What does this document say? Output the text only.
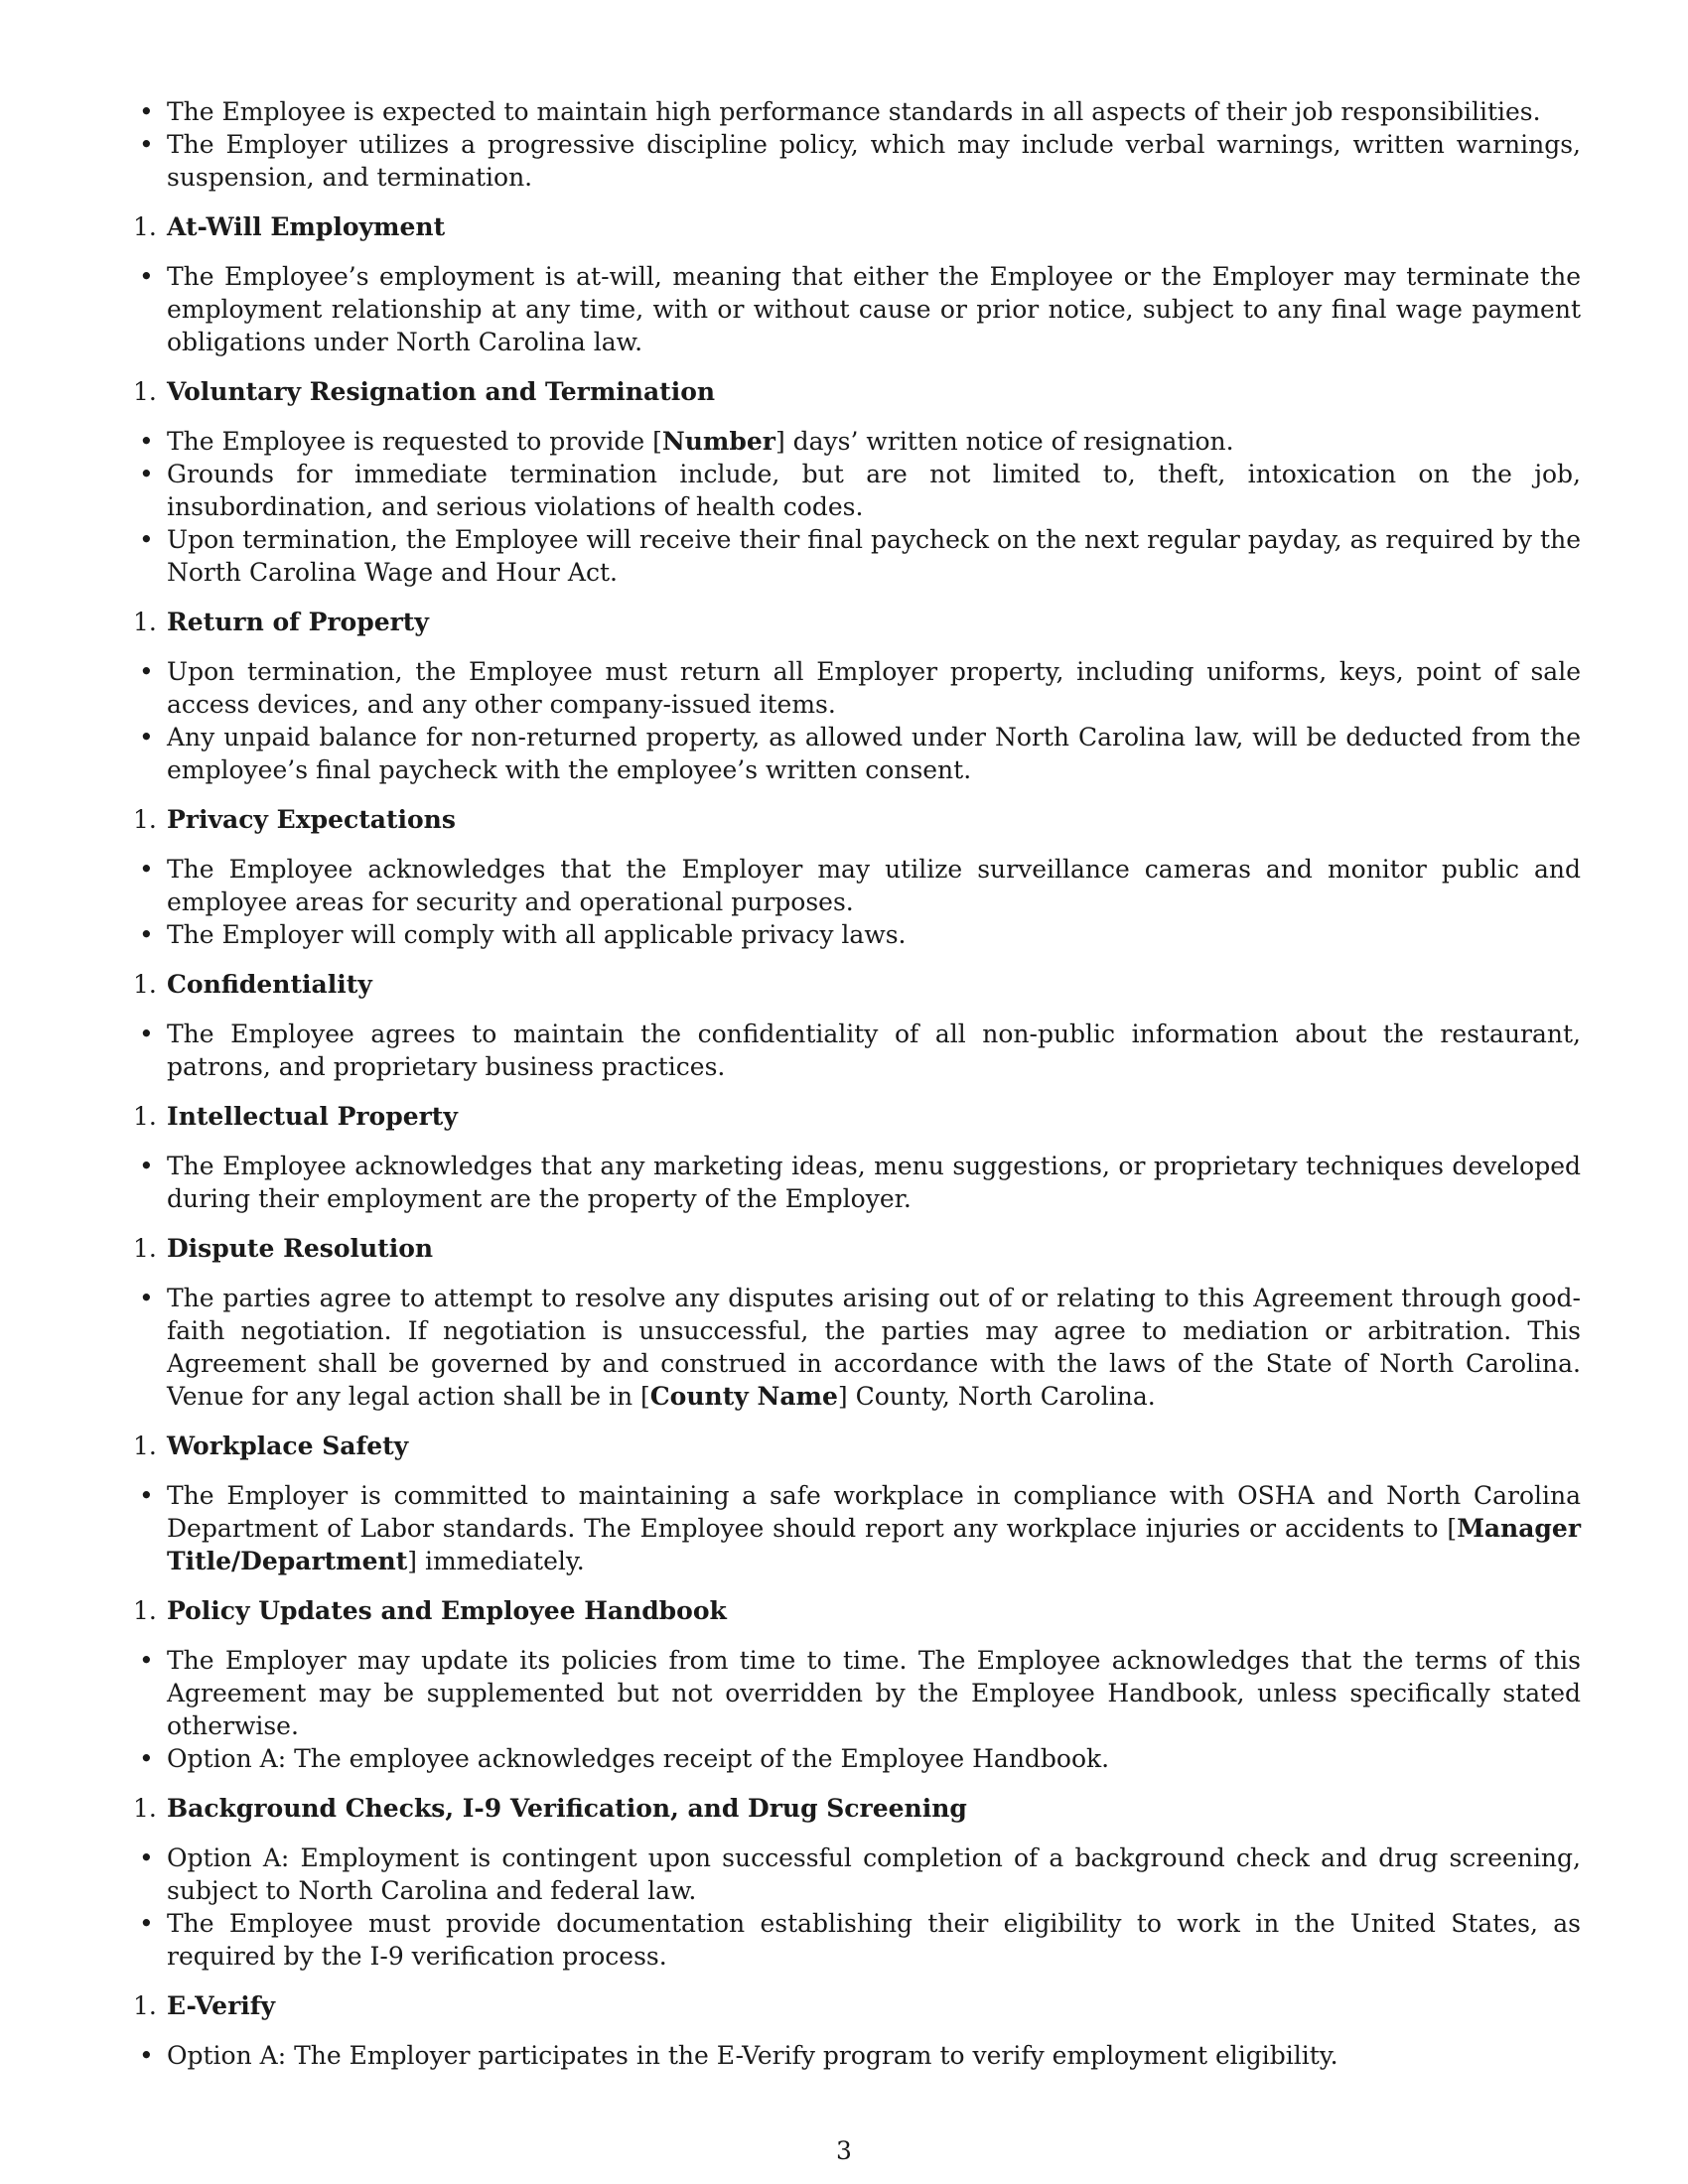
• The Employee is expected to maintain high performance standards in all aspects of their job responsibilities.
• The Employer utilizes a progressive discipline policy, which may include verbal warnings, written warnings, suspension, and termination.
1. At-Will Employment
• The Employee’s employment is at-will, meaning that either the Employee or the Employer may terminate the employment relationship at any time, with or without cause or prior notice, subject to any final wage payment obligations under North Carolina law.
1. Voluntary Resignation and Termination
• The Employee is requested to provide [Number] days’ written notice of resignation.
• Grounds for immediate termination include, but are not limited to, theft, intoxication on the job, insubordination, and serious violations of health codes.
• Upon termination, the Employee will receive their final paycheck on the next regular payday, as required by the North Carolina Wage and Hour Act.
1. Return of Property
• Upon termination, the Employee must return all Employer property, including uniforms, keys, point of sale access devices, and any other company-issued items.
• Any unpaid balance for non-returned property, as allowed under North Carolina law, will be deducted from the employee’s final paycheck with the employee’s written consent.
1. Privacy Expectations
• The Employee acknowledges that the Employer may utilize surveillance cameras and monitor public and employee areas for security and operational purposes.
• The Employer will comply with all applicable privacy laws.
1. Confidentiality
• The Employee agrees to maintain the confidentiality of all non-public information about the restaurant, patrons, and proprietary business practices.
1. Intellectual Property
• The Employee acknowledges that any marketing ideas, menu suggestions, or proprietary techniques developed during their employment are the property of the Employer.
1. Dispute Resolution
• The parties agree to attempt to resolve any disputes arising out of or relating to this Agreement through good-faith negotiation. If negotiation is unsuccessful, the parties may agree to mediation or arbitration. This Agreement shall be governed by and construed in accordance with the laws of the State of North Carolina. Venue for any legal action shall be in [County Name] County, North Carolina.
1. Workplace Safety
• The Employer is committed to maintaining a safe workplace in compliance with OSHA and North Carolina Department of Labor standards. The Employee should report any workplace injuries or accidents to [Manager Title/Department] immediately.
1. Policy Updates and Employee Handbook
• The Employer may update its policies from time to time. The Employee acknowledges that the terms of this Agreement may be supplemented but not overridden by the Employee Handbook, unless specifically stated otherwise.
• Option A: The employee acknowledges receipt of the Employee Handbook.
1. Background Checks, I-9 Verification, and Drug Screening
• Option A: Employment is contingent upon successful completion of a background check and drug screening, subject to North Carolina and federal law.
• The Employee must provide documentation establishing their eligibility to work in the United States, as required by the I-9 verification process.
1. E-Verify
• Option A: The Employer participates in the E-Verify program to verify employment eligibility.
3
